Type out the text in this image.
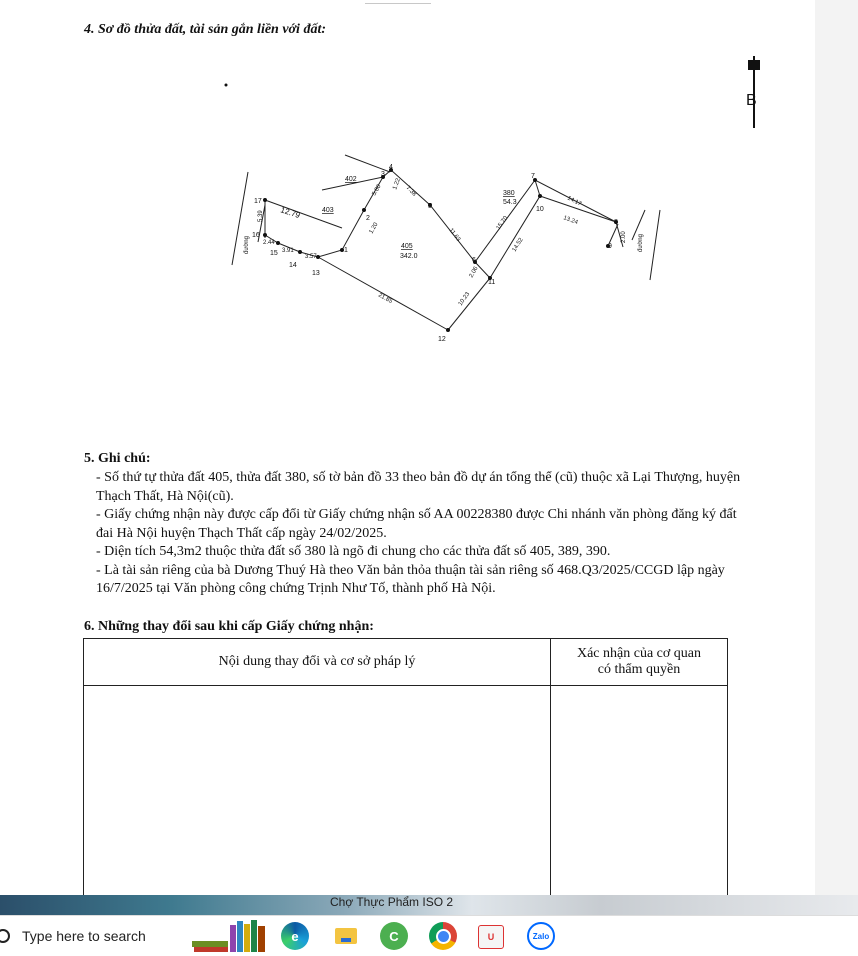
4. Sơ đồ thửa đất, tài sản gắn liền với đất:
B
1
2
3
4
5
6
7
8
9
10
11
12
13
14
15
16
17
12.79
5.39
2.44
3.91
3.57
1.20
5.80 1.22
7.38
11.63
15.70
14.17
13.24
2.00
14.52
2.06
10.23
21.85
402
403
405
342.0
380
54.3
đường	đường
5. Ghi chú:
- Số thứ tự thửa đất 405, thửa đất 380, số tờ bản đồ 33 theo bản đồ dự án tổng thể (cũ) thuộc xã Lại Thượng, huyện Thạch Thất, Hà Nội(cũ).
- Giấy chứng nhận này được cấp đổi từ Giấy chứng nhận số AA 00228380 được Chi nhánh văn phòng đăng ký đất đai Hà Nội huyện Thạch Thất cấp ngày 24/02/2025.
- Diện tích 54,3m2 thuộc thửa đất số 380 là ngõ đi chung cho các thửa đất số 405, 389, 390.
- Là tài sản riêng của bà Dương Thuý Hà theo Văn bản thỏa thuận tài sản riêng số 468.Q3/2025/CCGD lập ngày 16/7/2025 tại Văn phòng công chứng Trịnh Như Tố, thành phố Hà Nội.
6. Những thay đổi sau khi cấp Giấy chứng nhận:
Nội dung thay đổi và cơ sở pháp lý	Xác nhận của cơ quan
có thẩm quyền

Chợ Thực Phẩm ISO 2
Type here to search	e	C	U	Zalo
